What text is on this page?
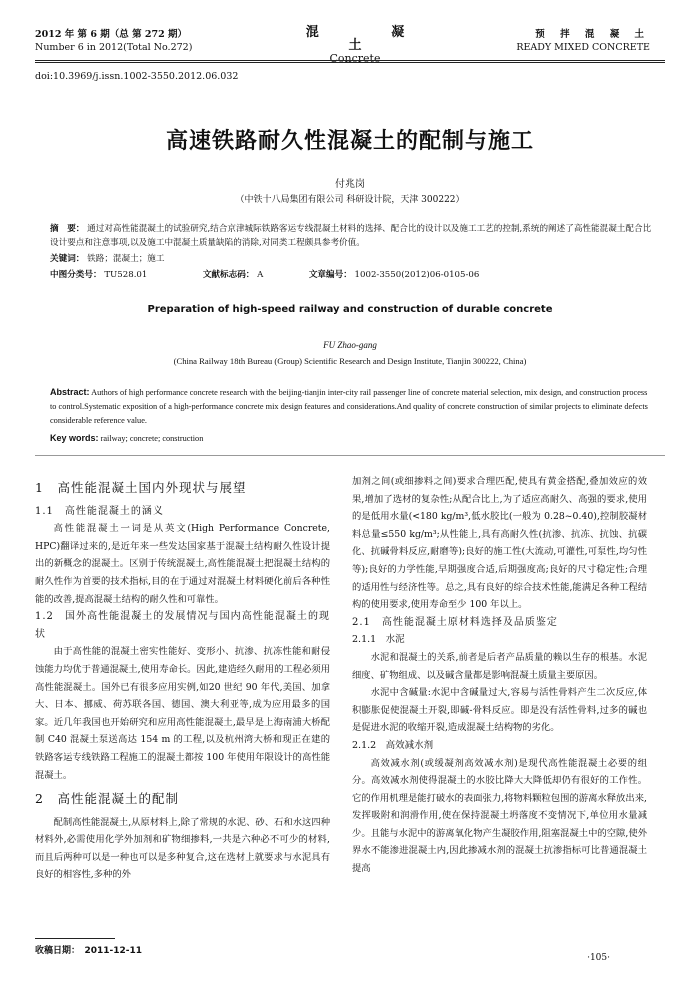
2012 年 第 6 期（总 第 272 期）
Number 6 in 2012(Total No.272)
混 凝 土
Concrete
预 拌 混 凝 土
READY MIXED CONCRETE
doi:10.3969/j.issn.1002-3550.2012.06.032
高速铁路耐久性混凝土的配制与施工
付兆岗
（中铁十八局集团有限公司 科研设计院，天津 300222）
摘　要： 通过对高性能混凝土的试验研究,结合京津城际铁路客运专线混凝土材料的选择、配合比的设计以及施工工艺的控制,系统的阐述了高性能混凝土配合比设计要点和注意事项,以及施工中混凝土质量缺陷的消除,对同类工程颇具参考价值。
关键词： 铁路；混凝土；施工
中图分类号： TU528.01	文献标志码： A	文章编号： 1002-3550(2012)06-0105-06
Preparation of high-speed railway and construction of durable concrete
FU Zhao-gang
(China Railway 18th Bureau (Group) Scientific Research and Design Institute, Tianjin 300222, China)
Abstract: Authors of high performance concrete research with the beijing-tianjin inter-city rail passenger line of concrete material selection, mix design, and construction process to control.Systematic exposition of a high-performance concrete mix design features and considerations.And quality of concrete construction of similar projects to eliminate defects considerable reference value.
Key words: railway; concrete; construction

1　高性能混凝土国内外现状与展望

1.1　高性能混凝土的涵义

高性能混凝土一词是从英文(High Performance Concrete, HPC)翻译过来的,是近年来一些发达国家基于混凝土结构耐久性设计提出的新概念的混凝土。区别于传统混凝土,高性能混凝土把混凝土结构的耐久性作为首要的技术指标,目的在于通过对混凝土材料硬化前后各种性能的改善,提高混凝土结构的耐久性和可靠性。

1.2　国外高性能混凝土的发展情况与国内高性能混凝土的现状

由于高性能的混凝土密实性能好、变形小、抗渗、抗冻性能和耐侵蚀能力均优于普通混凝土,使用寿命长。因此,建造经久耐用的工程必须用高性能混凝土。国外已有很多应用实例,如20 世纪 90 年代,美国、加拿大、日本、挪威、荷苏联各国、德国、澳大利亚等,成为应用最多的国家。近几年我国也开始研究和应用高性能混凝土,最早是上海南浦大桥配制 C40 混凝土泵送高达 154 m 的工程,以及杭州湾大桥和现正在建的铁路客运专线铁路工程施工的混凝土都按 100 年使用年限设计的高性能混凝土。

2　高性能混凝土的配制

配制高性能混凝土,从原材料上,除了常规的水泥、砂、石和水这四种材料外,必需使用化学外加剂和矿物细掺料,一共是六种必不可少的材料,而且后两种可以是一种也可以是多种复合,这在选材上就要求与水泥具有良好的相容性,多种的外

加剂之间(或细掺料之间)要求合理匹配,使具有黄金搭配,叠加效应的效果,增加了选材的复杂性;从配合比上,为了适应高耐久、高强的要求,使用的是低用水量(<180 kg/m³,低水胶比(一般为 0.28~0.40),控制胶凝材料总量≤550 kg/m³;从性能上,具有高耐久性(抗渗、抗冻、抗蚀、抗碳化、抗碱骨料反应,耐磨等);良好的施工性(大流动,可灌性,可泵性,均匀性等);良好的力学性能,早期强度合适,后期强度高;良好的尺寸稳定性;合理的适用性与经济性等。总之,具有良好的综合技术性能,能满足各种工程结构的使用要求,使用寿命至少 100 年以上。

2.1　高性能混凝土原材料选择及品质鉴定

2.1.1　水泥

水泥和混凝土的关系,前者是后者产品质量的赖以生存的根基。水泥细度、矿物组成、以及碱含量都是影响混凝土质量主要原因。

水泥中含碱量:水泥中含碱量过大,容易与活性骨料产生二次反应,体积膨胀促使混凝土开裂,即碱-骨料反应。即是没有活性骨料,过多的碱也是促进水泥的收缩开裂,造成混凝土结构物的劣化。

2.1.2　高效减水剂

高效减水剂(或缓凝剂高效减水剂)是现代高性能混凝土必要的组分。高效减水剂使得混凝土的水胶比降大大降低却仍有很好的工作性。它的作用机理是能打破水的表面张力,将物料颗粒包围的游离水释放出来,发挥吸附和润滑作用,使在保持混凝土坍落度不变情况下,单位用水量减少。且能与水泥中的游离氧化物产生凝胶作用,阻塞混凝土中的空隙,使外界水不能渗进混凝土内,因此掺减水剂的混凝土抗渗指标可比普通混凝土提高

收稿日期：　2011-12-11
·105·
